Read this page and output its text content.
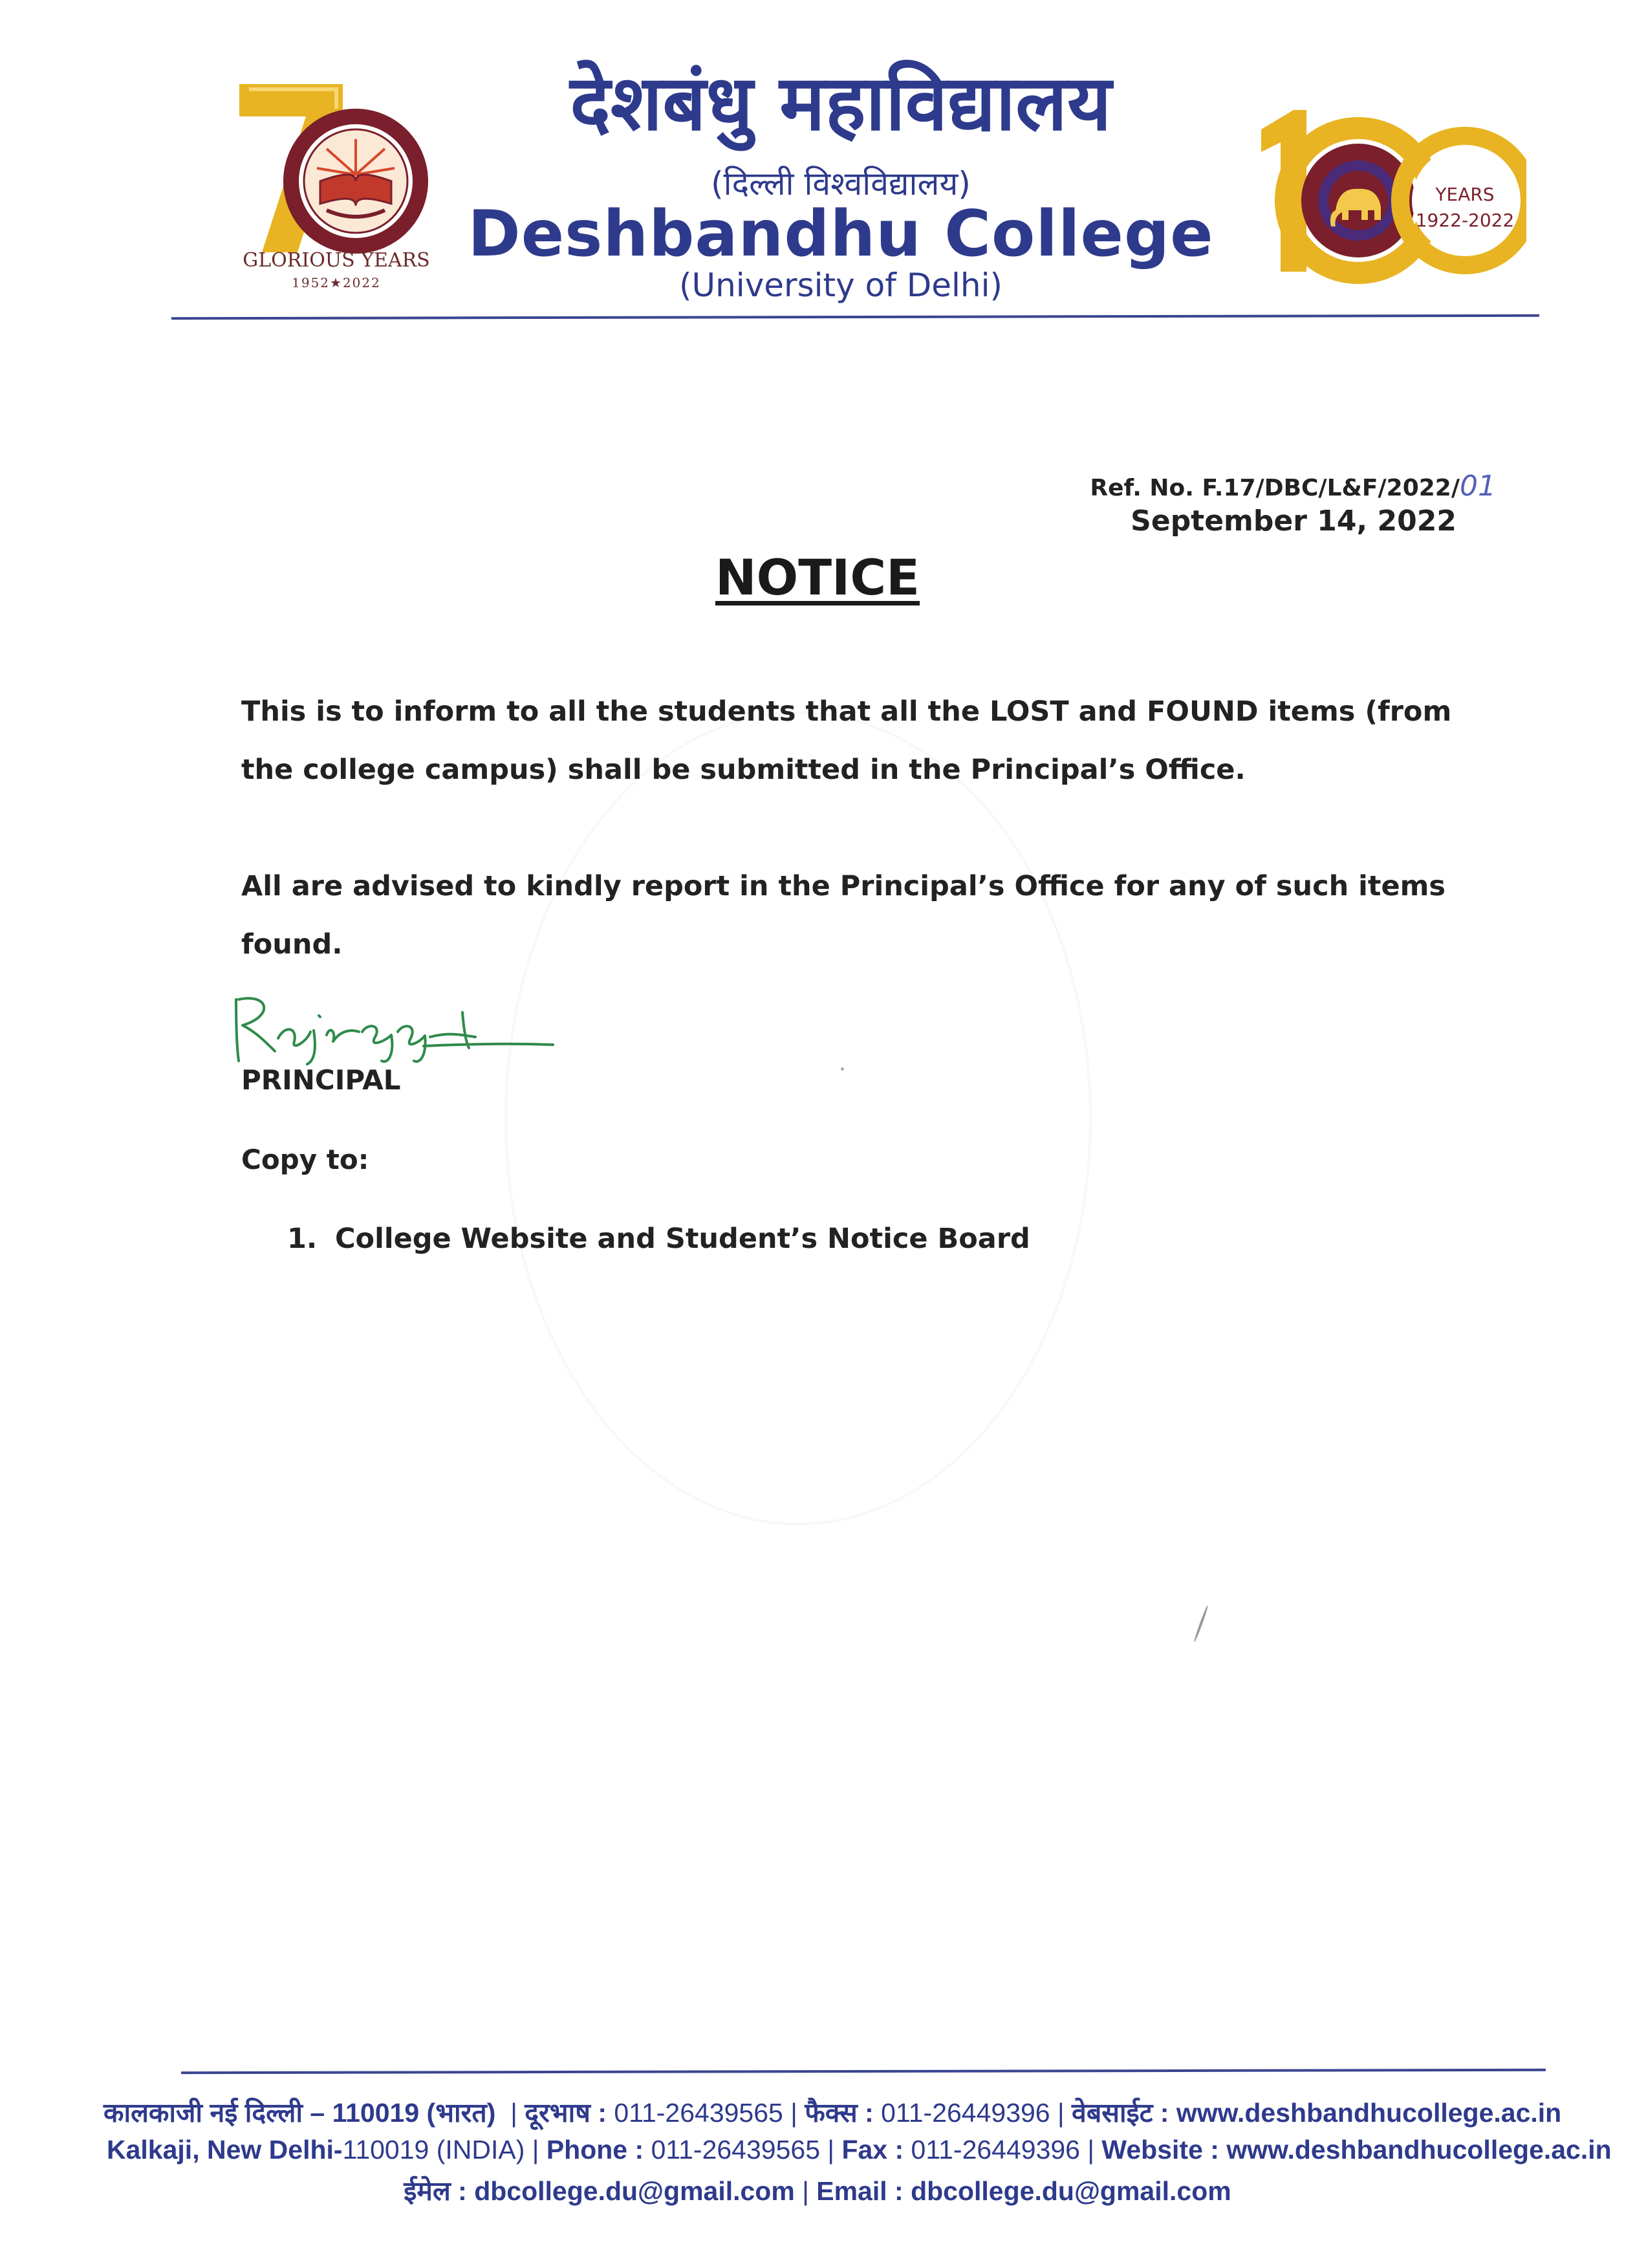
GLORIOUS YEARS
1952★2022
देशबंधु महाविद्यालय
(दिल्ली विश्वविद्यालय)
Deshbandhu College
(University of Delhi)
YEARS
1922-2022
Ref. No. F.17/DBC/L&F/2022/01
September 14, 2022
NOTICE
This is to inform to all the students that all the LOST and FOUND items (from the college campus) shall be submitted in the Principal’s Office.
All are advised to kindly report in the Principal’s Office for any of such items found.
PRINCIPAL
Copy to:
1. College Website and Student’s Notice Board
कालकाजी नई दिल्ली – 110019 (भारत)  | दूरभाष : 011-26439565 | फैक्स : 011-26449396 | वेबसाईट : www.deshbandhucollege.ac.in
Kalkaji, New Delhi-110019 (INDIA) | Phone : 011-26439565 | Fax : 011-26449396 | Website : www.deshbandhucollege.ac.in
ईमेल : dbcollege.du@gmail.com | Email : dbcollege.du@gmail.com
